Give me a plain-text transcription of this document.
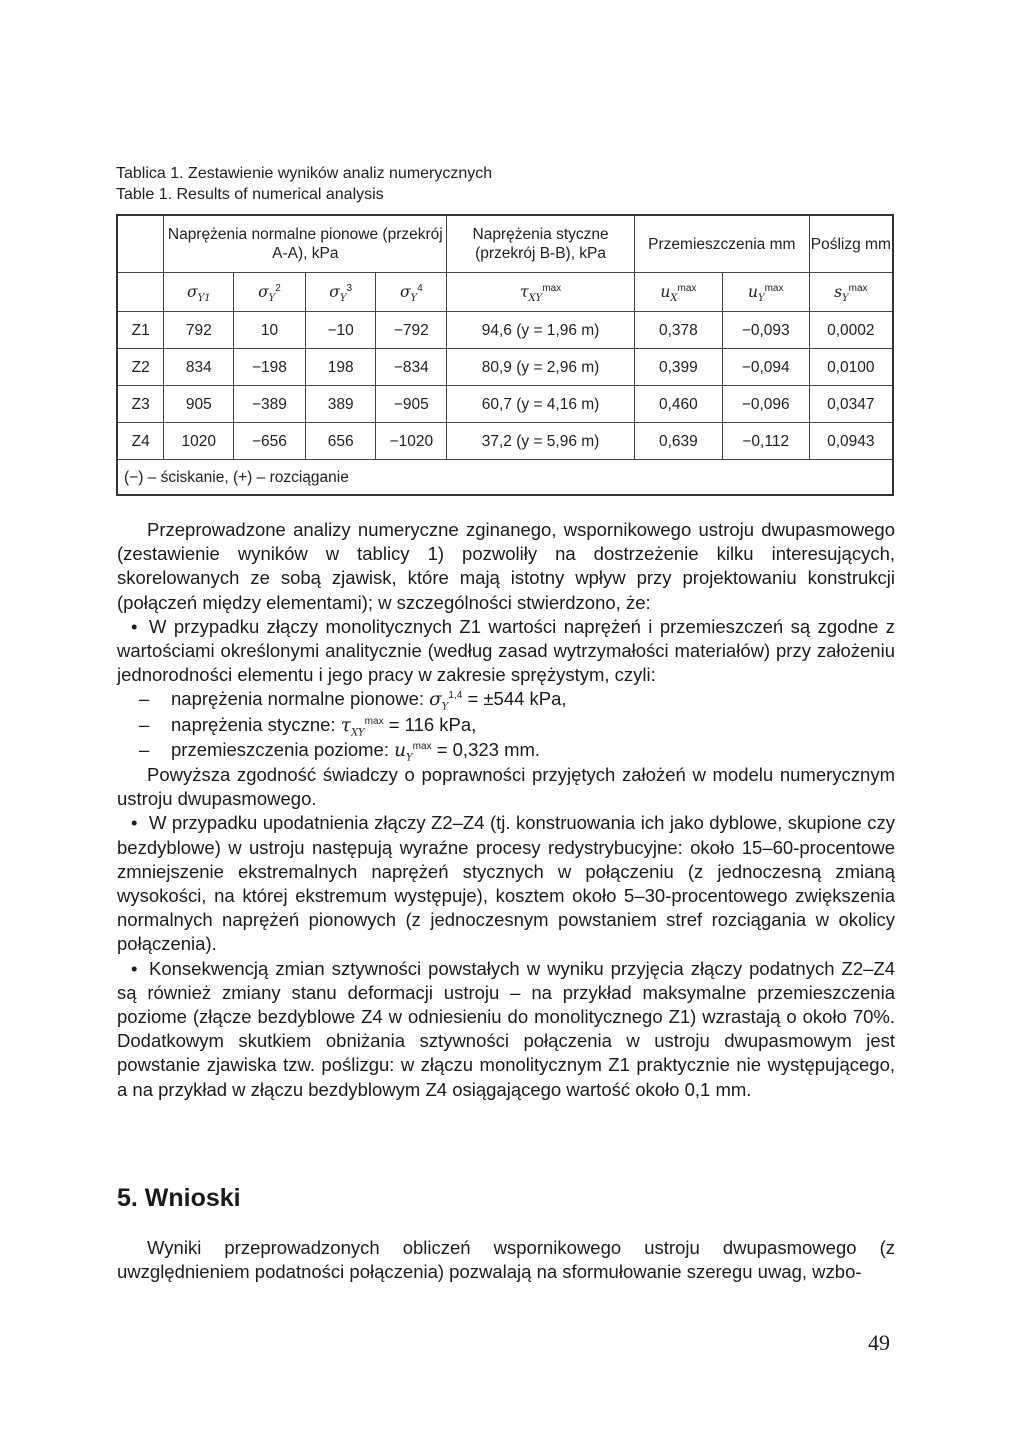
Tablica 1. Zestawienie wyników analiz numerycznych
Table 1. Results of numerical analysis
	Naprężenia normalne pionowe (przekrój A-A), kPa				Naprężenia styczne (przekrój B-B), kPa	Przemieszczenia mm		Poślizg mm
	$\sigma_{Y1}$	$\sigma_Y^2$	$\sigma_Y^3$	$\sigma_Y^4$	$\tau_{XY}^{max}$	$u_X^{max}$	$u_Y^{max}$	$s_Y^{max}$
Z1	792	10	−10	−792	94,6 (y = 1,96 m)	0,378	−0,093	0,0002
Z2	834	−198	198	−834	80,9 (y = 2,96 m)	0,399	−0,094	0,0100
Z3	905	−389	389	−905	60,7 (y = 4,16 m)	0,460	−0,096	0,0347
Z4	1020	−656	656	−1020	37,2 (y = 5,96 m)	0,639	−0,112	0,0943
(−) – ściskanie, (+) – rozciąganie								

Przeprowadzone analizy numeryczne zginanego, wspornikowego ustroju dwupasmowego (zestawienie wyników w tablicy 1) pozwoliły na dostrzeżenie kilku interesujących, skorelowanych ze sobą zjawisk, które mają istotny wpływ przy projektowaniu konstrukcji (połączeń między elementami); w szczególności stwierdzono, że:

• W przypadku złączy monolitycznych Z1 wartości naprężeń i przemieszczeń są zgodne z wartościami określonymi analitycznie (według zasad wytrzymałości materiałów) przy założeniu jednorodności elementu i jego pracy w zakresie sprężystym, czyli:

– naprężenia normalne pionowe: $\sigma_Y^{1,4} = \pm 544$ kPa,

– naprężenia styczne: $\tau_{XY}^{max} = 116$ kPa,

– przemieszczenia poziome: $u_Y^{max} = 0,323$ mm.

Powyższa zgodność świadczy o poprawności przyjętych założeń w modelu numerycznym ustroju dwupasmowego.

• W przypadku upodatnienia złączy Z2–Z4 (tj. konstruowania ich jako dyblowe, skupione czy bezdyblowe) w ustroju następują wyraźne procesy redystrybucyjne: około 15–60-procentowe zmniejszenie ekstremalnych naprężeń stycznych w połączeniu (z jednoczesną zmianą wysokości, na której ekstremum występuje), kosztem około 5–30-procentowego zwiększenia normalnych naprężeń pionowych (z jednoczesnym powstaniem stref rozciągania w okolicy połączenia).

• Konsekwencją zmian sztywności powstałych w wyniku przyjęcia złączy podatnych Z2–Z4 są również zmiany stanu deformacji ustroju – na przykład maksymalne przemieszczenia poziome (złącze bezdyblowe Z4 w odniesieniu do monolitycznego Z1) wzrastają o około 70%. Dodatkowym skutkiem obniżania sztywności połączenia w ustroju dwupasmowym jest powstanie zjawiska tzw. poślizgu: w złączu monolitycznym Z1 praktycznie nie występującego, a na przykład w złączu bezdyblowym Z4 osiągającego wartość około 0,1 mm.

5. Wnioski

Wyniki przeprowadzonych obliczeń wspornikowego ustroju dwupasmowego (z uwzględnieniem podatności połączenia) pozwalają na sformułowanie szeregu uwag, wzbo-

49
